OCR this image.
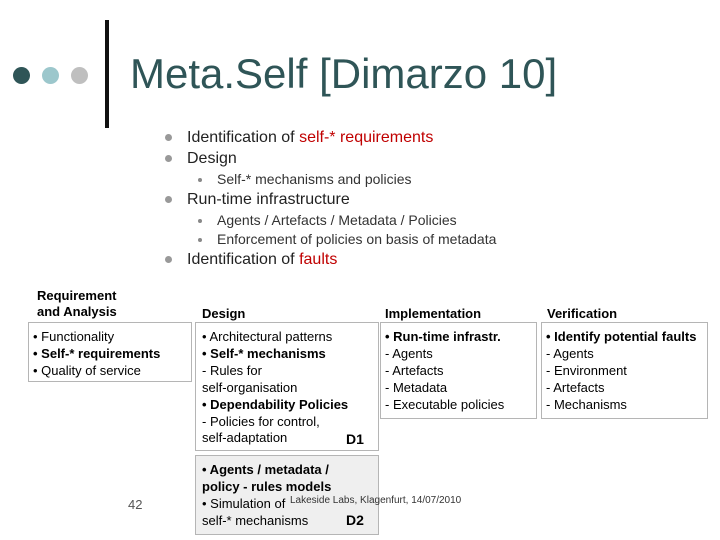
Meta.Self [Dimarzo 10]
Identification of self-* requirements
Design
Self-* mechanisms and policies
Run-time infrastructure
Agents / Artefacts / Metadata / Policies
Enforcement of policies on basis of metadata
Identification of faults
Requirement
and Analysis
• Functionality
• Self-* requirements
• Quality of service
Design
• Architectural patterns
• Self-* mechanisms
- Rules for
self-organisation
• Dependability Policies
- Policies for control,
self-adaptation	D1
• Agents / metadata /
policy - rules models
• Simulation of
self-* mechanisms	D2
Implementation
• Run-time infrastr.
- Agents
- Artefacts
- Metadata
- Executable policies
Verification
• Identify potential faults
- Agents
- Environment
- Artefacts
- Mechanisms
42	Lakeside Labs, Klagenfurt, 14/07/2010
